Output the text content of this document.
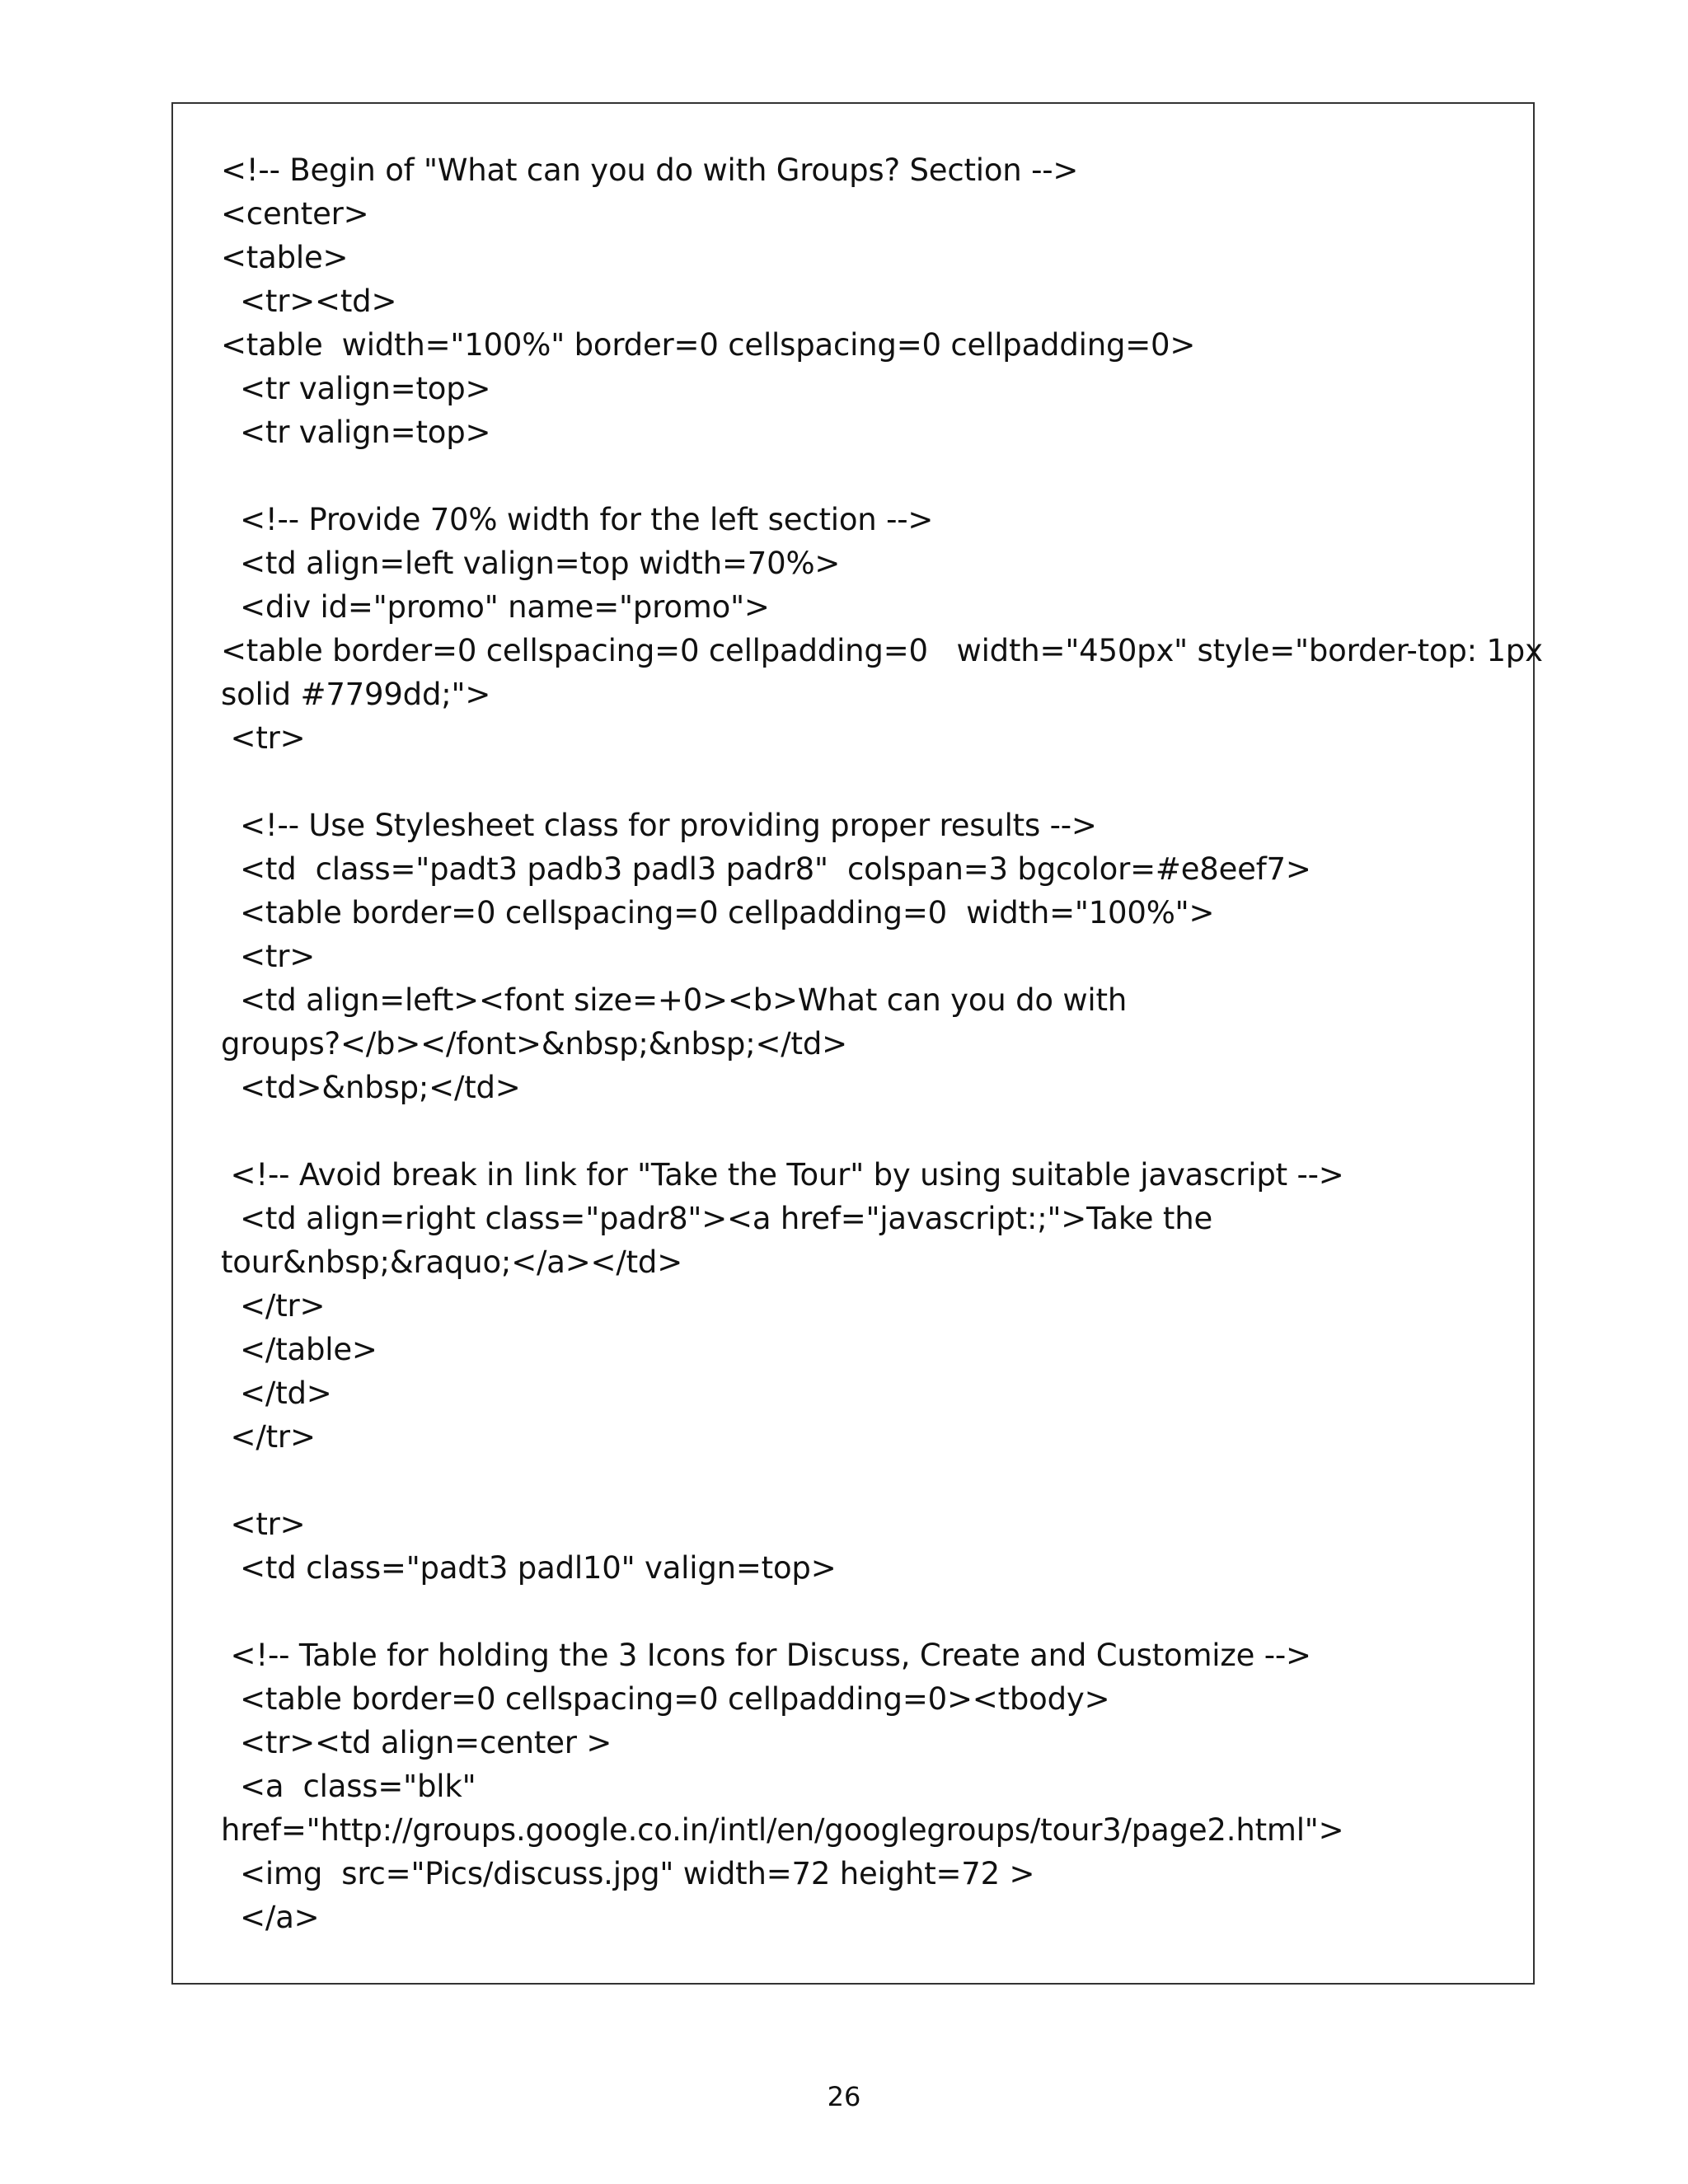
<!-- Begin of "What can you do with Groups? Section -->
<center>
<table>
<tr><td>
<table  width="100%" border=0 cellspacing=0 cellpadding=0>
<tr valign=top>
<tr valign=top>
<!-- Provide 70% width for the left section -->
<td align=left valign=top width=70%>
<div id="promo" name="promo">
<table border=0 cellspacing=0 cellpadding=0   width="450px" style="border-top: 1px
solid #7799dd;">
<tr>
<!-- Use Stylesheet class for providing proper results -->
<td  class="padt3 padb3 padl3 padr8"  colspan=3 bgcolor=#e8eef7>
<table border=0 cellspacing=0 cellpadding=0  width="100%">
<tr>
<td align=left><font size=+0><b>What can you do with
groups?</b></font>&nbsp;&nbsp;</td>
<td>&nbsp;</td>
<!-- Avoid break in link for "Take the Tour" by using suitable javascript -->
<td align=right class="padr8"><a href="javascript:;">Take the
tour&nbsp;&raquo;</a></td>
</tr>
</table>
</td>
</tr>
<tr>
<td class="padt3 padl10" valign=top>
<!-- Table for holding the 3 Icons for Discuss, Create and Customize -->
<table border=0 cellspacing=0 cellpadding=0><tbody>
<tr><td align=center >
<a  class="blk"
href="http://groups.google.co.in/intl/en/googlegroups/tour3/page2.html">
<img  src="Pics/discuss.jpg" width=72 height=72 >
</a>
26
